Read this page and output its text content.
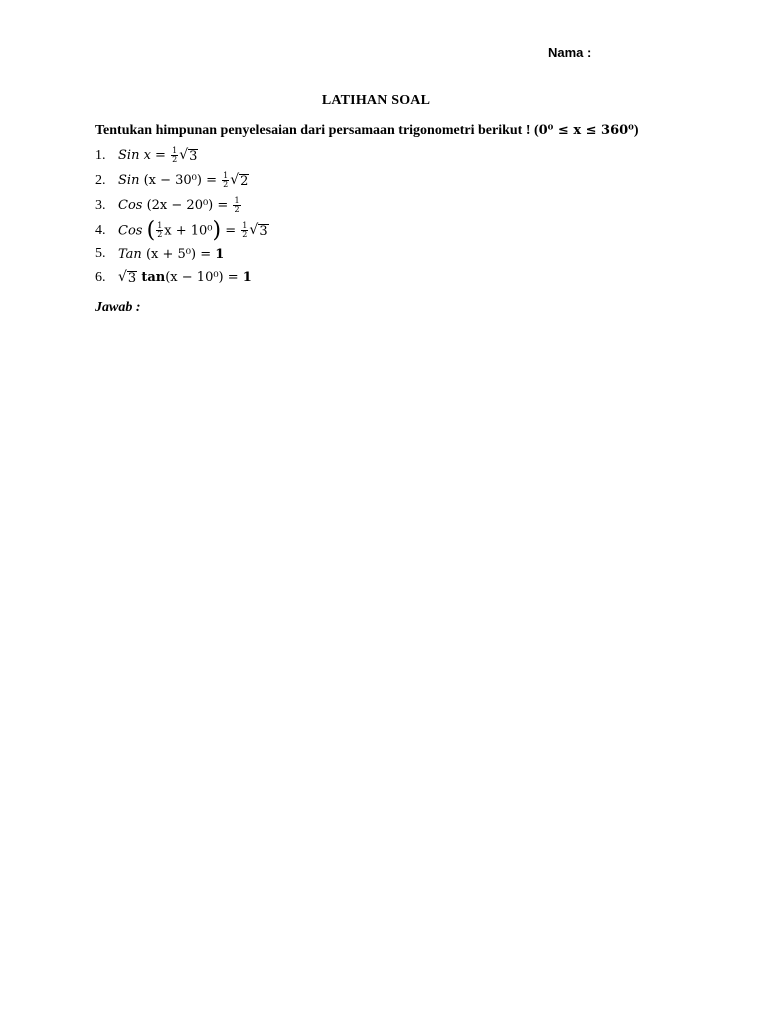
Nama :
LATIHAN SOAL
Tentukan himpunan penyelesaian dari persamaan trigonometri berikut ! (0⁰ ≤ x ≤ 360⁰)
1. Sin $x = \frac{1}{2}$ √ 3
2. Sin $(x - 30^0) = \frac{1}{2}$ √ 2
3. Cos $(2x - 20^0) = \frac{1}{2}$
4. Cos ( $\frac{1}{2}$ $x + 10^0) = \frac{1}{2}$ √ 3
5. Tan (x + 5⁰) = 1
6. √ 3 tan(x − 10⁰) = 1
Jawab :
